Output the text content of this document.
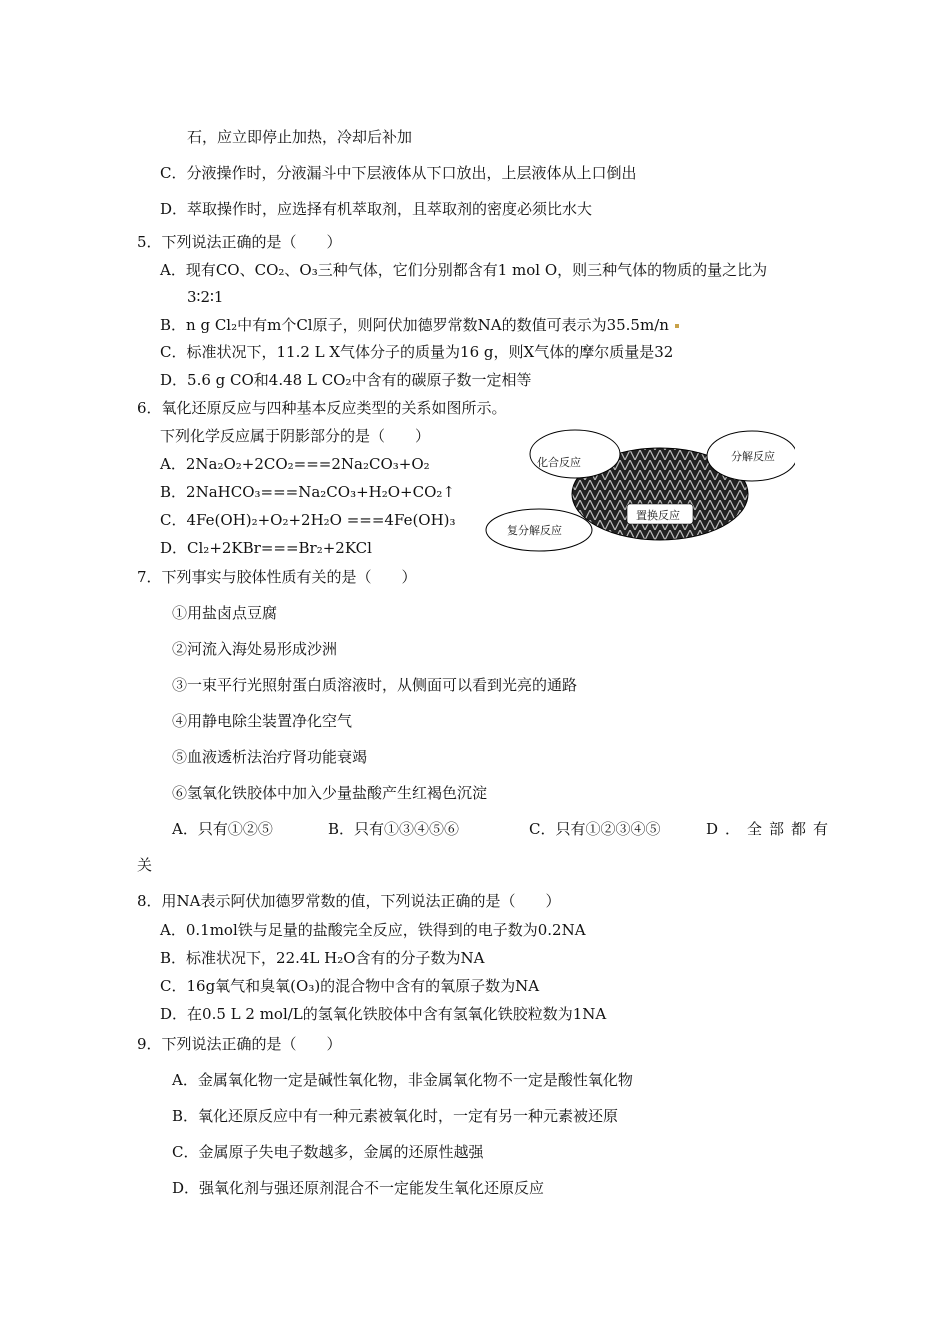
石，应立即停止加热，冷却后补加
C．分液操作时，分液漏斗中下层液体从下口放出，上层液体从上口倒出
D．萃取操作时，应选择有机萃取剂，且萃取剂的密度必须比水大
5．下列说法正确的是（　　）
A．现有CO、CO₂、O₃三种气体，它们分别都含有1 mol O，则三种气体的物质的量之比为
3∶2∶1
B．n g Cl₂中有m个Cl原子，则阿伏加德罗常数NA的数值可表示为35.5m/n
C．标准状况下，11.2 L X气体分子的质量为16 g，则X气体的摩尔质量是32
D．5.6 g CO和4.48 L CO₂中含有的碳原子数一定相等
6．氧化还原反应与四种基本反应类型的关系如图所示。
下列化学反应属于阴影部分的是（　　）
A．2Na₂O₂+2CO₂===2Na₂CO₃+O₂
B．2NaHCO₃===Na₂CO₃+H₂O+CO₂↑
C．4Fe(OH)₂+O₂+2H₂O ===4Fe(OH)₃
D．Cl₂+2KBr===Br₂+2KCl
化合反应	分解反应
置换反应
复分解反应
7．下列事实与胶体性质有关的是（　　）
①用盐卤点豆腐
②河流入海处易形成沙洲
③一束平行光照射蛋白质溶液时，从侧面可以看到光亮的通路
④用静电除尘装置净化空气
⑤血液透析法治疗肾功能衰竭
⑥氢氧化铁胶体中加入少量盐酸产生红褐色沉淀
A．只有①②⑤	B．只有①③④⑤⑥	C．只有①②③④⑤	D．全部都有
关
8．用NA表示阿伏加德罗常数的值，下列说法正确的是（　　）
A．0.1mol铁与足量的盐酸完全反应，铁得到的电子数为0.2NA
B．标准状况下，22.4L H₂O含有的分子数为NA
C．16g氧气和臭氧(O₃)的混合物中含有的氧原子数为NA
D．在0.5 L 2 mol/L的氢氧化铁胶体中含有氢氧化铁胶粒数为1NA
9．下列说法正确的是（　　）
A．金属氧化物一定是碱性氧化物，非金属氧化物不一定是酸性氧化物
B．氧化还原反应中有一种元素被氧化时，一定有另一种元素被还原
C．金属原子失电子数越多，金属的还原性越强
D．强氧化剂与强还原剂混合不一定能发生氧化还原反应
